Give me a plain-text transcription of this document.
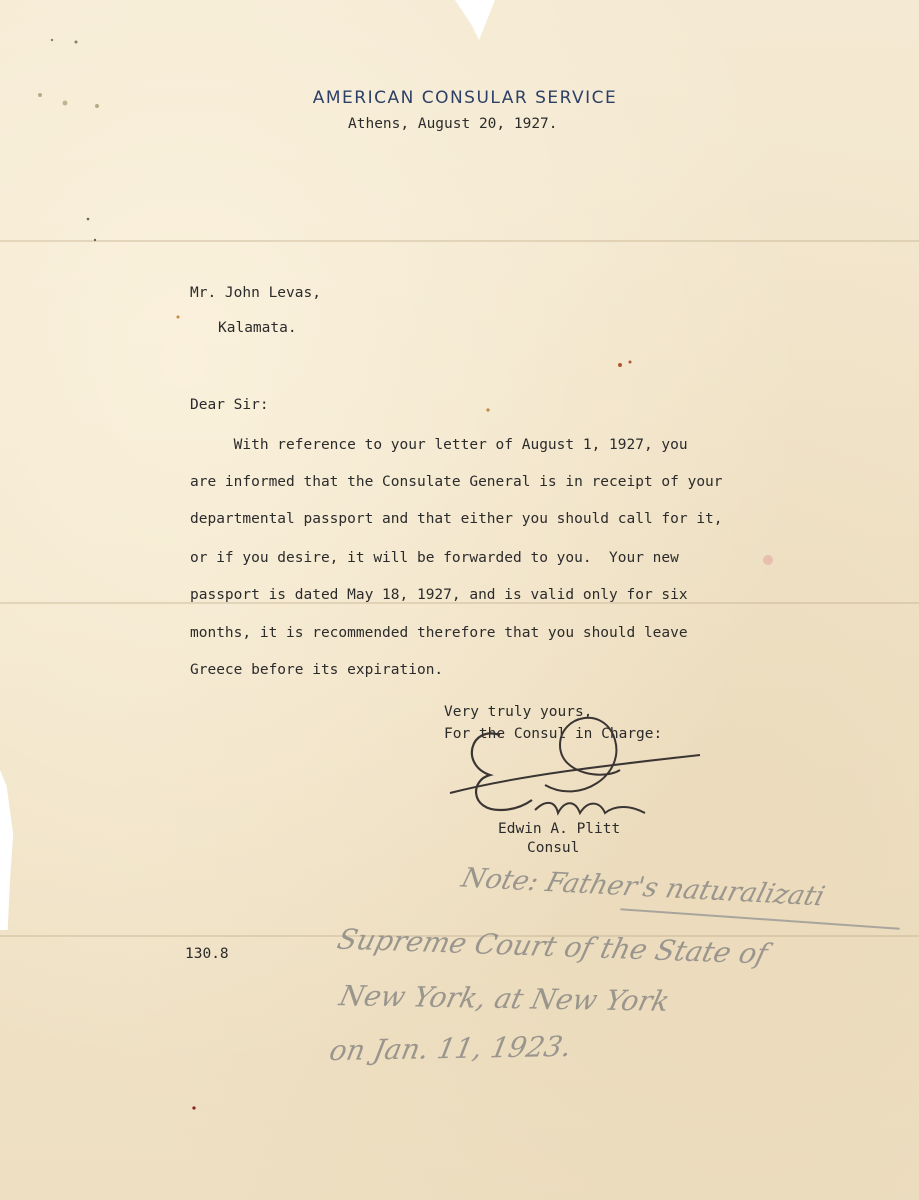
AMERICAN CONSULAR SERVICE
Athens, August 20, 1927.
Mr. John Levas,
Kalamata.
Dear Sir:
With reference to your letter of August 1, 1927, you
are informed that the Consulate General is in receipt of your
departmental passport and that either you should call for it,
or if you desire, it will be forwarded to you.  Your new
passport is dated May 18, 1927, and is valid only for six
months, it is recommended therefore that you should leave
Greece before its expiration.
Very truly yours,
For the Consul in Charge:
Edwin A. Plitt
Consul
130.8
Note: Father's naturalizati
Supreme Court of the State of
New York, at New York
on Jan. 11, 1923.
